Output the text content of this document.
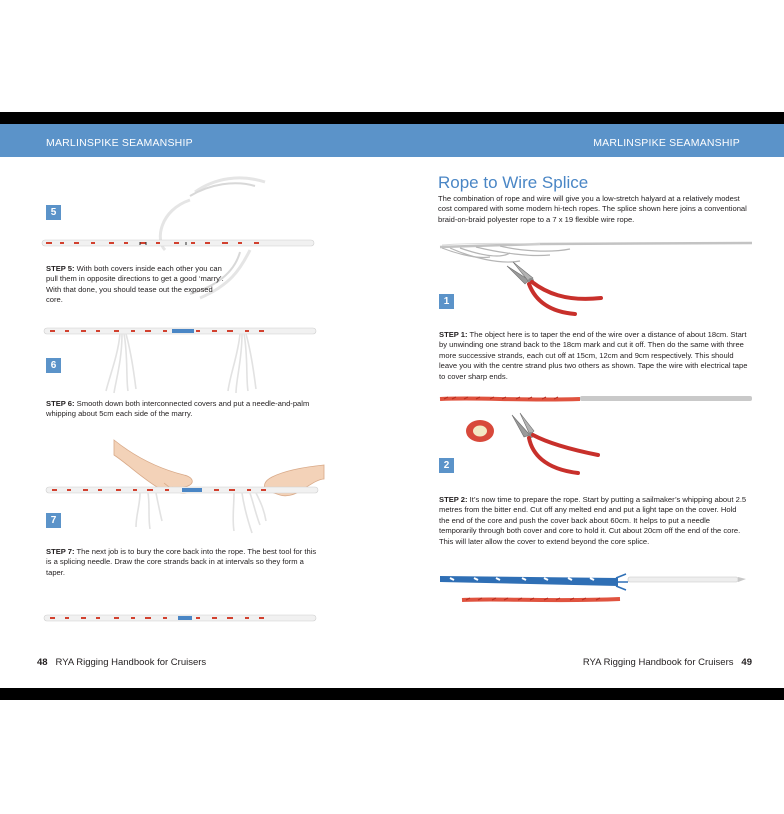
MARLINSPIKE SEAMANSHIP	MARLINSPIKE SEAMANSHIP
5
STEP 5: With both covers inside each other you can pull them in opposite directions to get a good ‘marry’. With that done, you should tease out the exposed core.
6
STEP 6: Smooth down both interconnected covers and put a needle-and-palm whipping about 5cm each side of the marry.
7
STEP 7: The next job is to bury the core back into the rope. The best tool for this is a splicing needle. Draw the core strands back in at intervals so they form a taper.
48 RYA Rigging Handbook for Cruisers
Rope to Wire Splice
The combination of rope and wire will give you a low-stretch halyard at a relatively modest cost compared with some modern hi-tech ropes. The splice shown here joins a conventional braid-on-braid polyester rope to a 7 x 19 flexible wire rope.
1
STEP 1: The object here is to taper the end of the wire over a distance of about 18cm. Start by unwinding one strand back to the 18cm mark and cut it off. Then do the same with three more successive strands, each cut off at 15cm, 12cm and 9cm respectively. This should leave you with the centre strand plus two others as shown. Tape the wire with electrical tape to cover sharp ends.
2
STEP 2: It’s now time to prepare the rope. Start by putting a sailmaker’s whipping about 2.5 metres from the bitter end. Cut off any melted end and put a light tape on the cover. Hold the end of the core and push the cover back about 60cm. It helps to put a needle temporarily through both cover and core to hold it. Cut about 20cm off the end of the core. This will later allow the cover to extend beyond the core splice.
RYA Rigging Handbook for Cruisers 49
